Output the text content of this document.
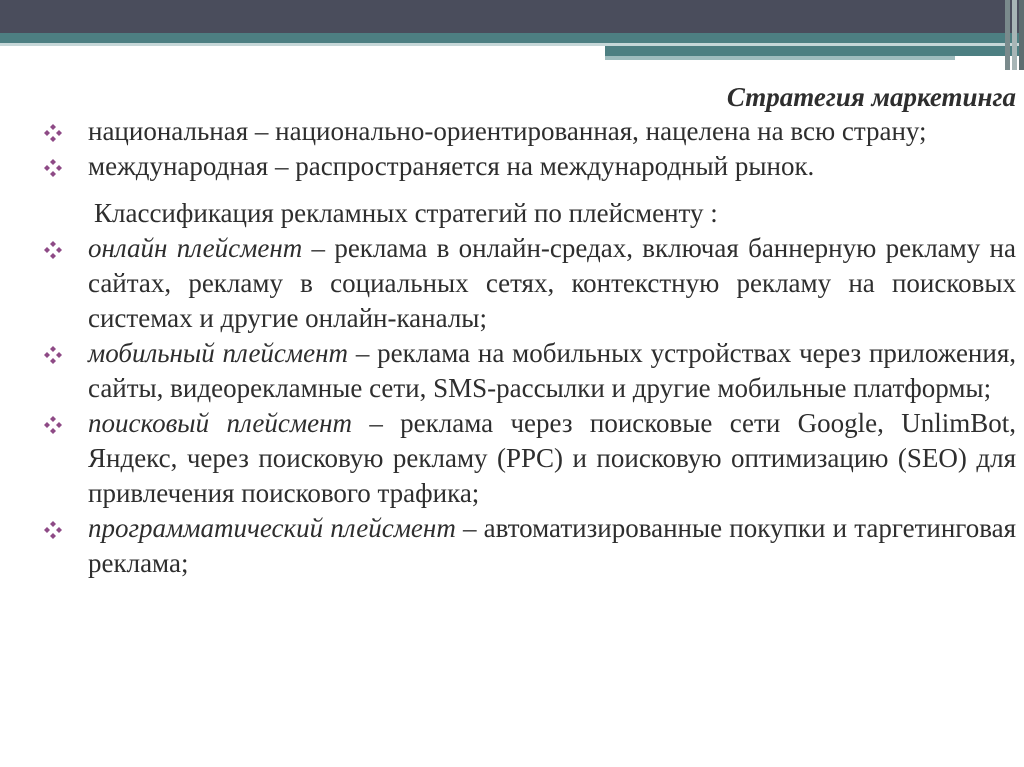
Стратегия маркетинга

национальная – национально-ориентированная, нацелена на всю страну;

международная – распространяется на международный рынок.

Классификация рекламных стратегий по плейсменту :

онлайн плейсмент – реклама в онлайн-средах, включая баннерную рекламу на сайтах, рекламу в социальных сетях, контекстную рекламу на поисковых системах и другие онлайн-каналы;

мобильный плейсмент – реклама на мобильных устройствах через приложения, сайты, видеорекламные сети, SMS-рассылки и другие мобильные платформы;

поисковый плейсмент – реклама через поисковые сети Google, UnlimBot, Яндекс, через поисковую рекламу (PPC) и поисковую оптимизацию (SEO) для привлечения поискового трафика;

программатический плейсмент – автоматизированные покупки и таргетинговая реклама;
